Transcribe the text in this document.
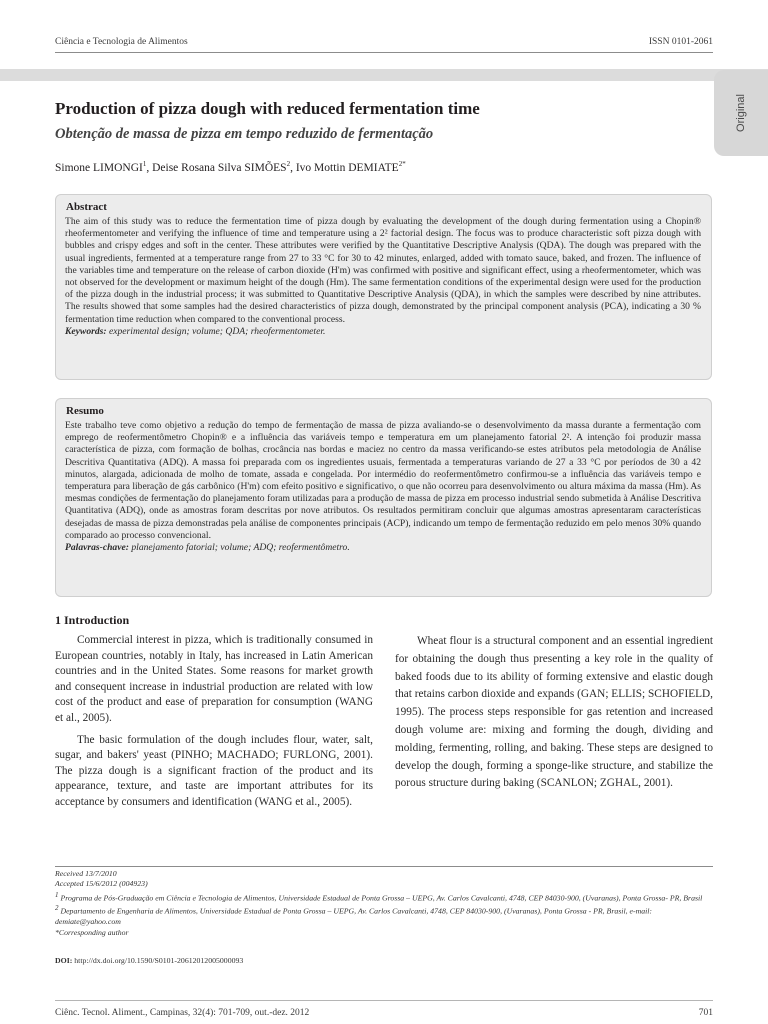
Ciência e Tecnologia de Alimentos	ISSN 0101-2061
Original
Production of pizza dough with reduced fermentation time
Obtenção de massa de pizza em tempo reduzido de fermentação
Simone LIMONGI$^1$, Deise Rosana Silva SIMÕES$^2$, Ivo Mottin $DEMIATE^{2*}$
Abstract

The aim of this study was to reduce the fermentation time of pizza dough by evaluating the development of the dough during fermentation using a Chopin® rheofermentometer and verifying the influence of time and temperature using a 2² factorial design. The focus was to produce characteristic soft pizza dough with bubbles and crispy edges and soft in the center. These attributes were verified by the Quantitative Descriptive Analysis (QDA). The dough was prepared with the usual ingredients, fermented at a temperature range from 27 to 33 °C for 30 to 42 minutes, enlarged, added with tomato sauce, baked, and frozen. The influence of the variables time and temperature on the release of carbon dioxide (H'm) was confirmed with positive and significant effect, using a rheofermentometer, which was not observed for the development or maximum height of the dough (Hm). The same fermentation conditions of the experimental design were used for the production of the pizza dough in the industrial process; it was submitted to Quantitative Descriptive Analysis (QDA), in which the samples were described by nine attributes. The results showed that some samples had the desired characteristics of pizza dough, demonstrated by the principal component analysis (PCA), indicating a 30 % fermentation time reduction when compared to the conventional process.

Keywords: experimental design; volume; QDA; rheofermentometer.
Resumo

Este trabalho teve como objetivo a redução do tempo de fermentação de massa de pizza avaliando-se o desenvolvimento da massa durante a fermentação com emprego de reofermentômetro Chopin® e a influência das variáveis tempo e temperatura em um planejamento fatorial 2². A intenção foi produzir massa característica de pizza, com formação de bolhas, crocância nas bordas e maciez no centro da massa verificando-se estes atributos pela metodologia de Análise Descritiva Quantitativa (ADQ). A massa foi preparada com os ingredientes usuais, fermentada a temperaturas variando de 27 a 33 °C por períodos de 30 a 42 minutos, alargada, adicionada de molho de tomate, assada e congelada. Por intermédio do reofermentômetro confirmou-se a influência das variáveis tempo e temperatura para liberação de gás carbônico (H'm) com efeito positivo e significativo, o que não ocorreu para desenvolvimento ou altura máxima da massa (Hm). As mesmas condições de fermentação do planejamento foram utilizadas para a produção de massa de pizza em processo industrial sendo submetida à Análise Descritiva Quantitativa (ADQ), onde as amostras foram descritas por nove atributos. Os resultados permitiram concluir que algumas amostras apresentaram características desejadas de massa de pizza demonstradas pela análise de componentes principais (ACP), indicando um tempo de fermentação reduzido em pelo menos 30% quando comparado ao processo convencional.

Palavras-chave: planejamento fatorial; volume; ADQ; reofermentômetro.
1 Introduction

Commercial interest in pizza, which is traditionally consumed in European countries, notably in Italy, has increased in Latin American countries and in the United States. Some reasons for market growth and consequent increase in industrial production are related with low cost of the product and ease of preparation for consumption (WANG et al., 2005).

The basic formulation of the dough includes flour, water, salt, sugar, and bakers' yeast (PINHO; MACHADO; FURLONG, 2001). The pizza dough is a significant fraction of the product and its appearance, texture, and taste are important attributes for its acceptance by consumers and identification (WANG et al., 2005).

Wheat flour is a structural component and an essential ingredient for obtaining the dough thus presenting a key role in the quality of baked foods due to its ability of forming extensive and elastic dough that retains carbon dioxide and expands (GAN; ELLIS; SCHOFIELD, 1995). The process steps responsible for gas retention and increased dough volume are: mixing and forming the dough, dividing and molding, fermenting, rolling, and baking. These steps are designed to develop the dough, forming a sponge-like structure, and stabilize the porous structure during baking (SCANLON; ZGHAL, 2001).

Received 13/7/2010
Accepted 15/6/2012 (004923)
$^1$ Programa de Pós-Graduação em Ciência e Tecnologia de Alimentos, Universidade Estadual de Ponta Grossa – UEPG, Av. Carlos Cavalcanti, 4748, CEP 84030-900, (Uvaranas), Ponta Grossa- PR, Brasil
$^2$ Departamento de Engenharia de Alimentos, Universidade Estadual de Ponta Grossa – UEPG, Av. Carlos Cavalcanti, 4748, CEP 84030-900, (Uvaranas), Ponta Grossa - PR, Brasil, e-mail: demiate@yahoo.com
*Corresponding author
DOI: http://dx.doi.org/10.1590/S0101-20612012005000093
Ciênc. Tecnol. Aliment., Campinas, 32(4): 701-709, out.-dez. 2012	701
